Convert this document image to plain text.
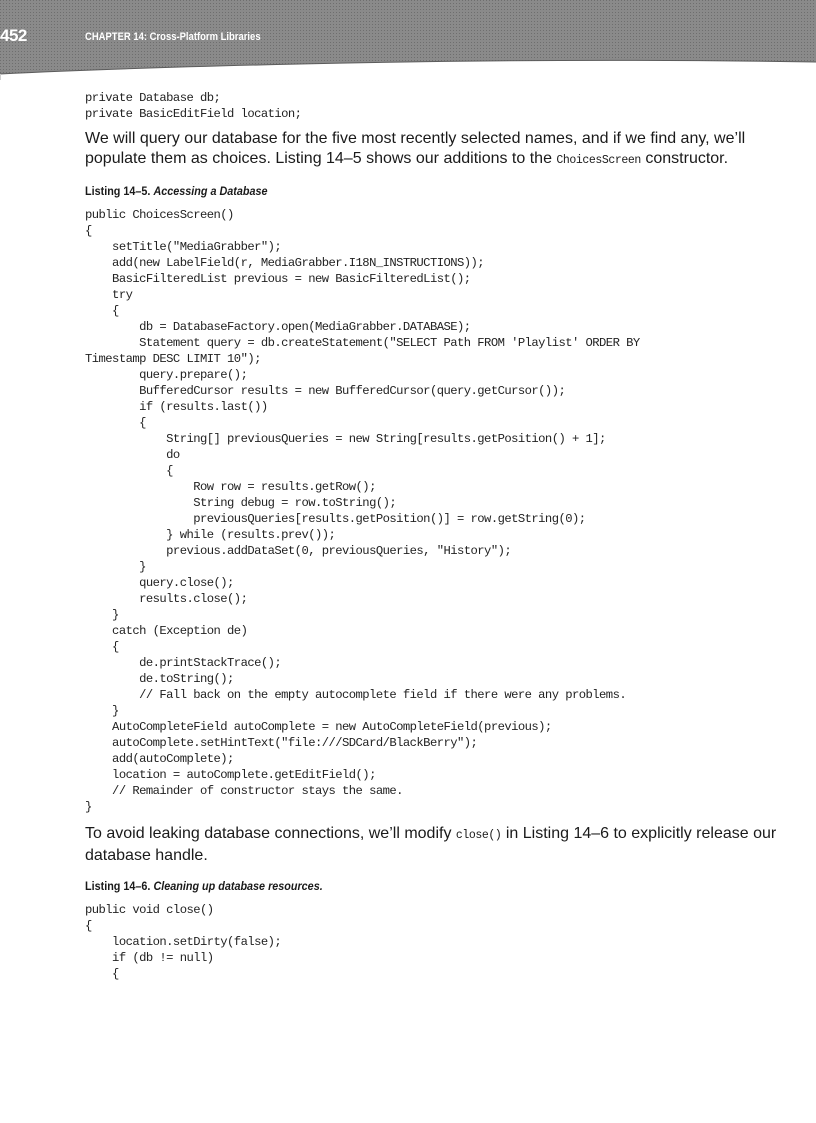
452	CHAPTER 14: Cross-Platform Libraries
private Database db;
private BasicEditField location;

We will query our database for the five most recently selected names, and if we find any, we’ll populate them as choices. Listing 14–5 shows our additions to the ChoicesScreen constructor.

Listing 14–5. Accessing a Database

public ChoicesScreen()
{
setTitle("MediaGrabber");
add(new LabelField(r, MediaGrabber.I18N_INSTRUCTIONS));
BasicFilteredList previous = new BasicFilteredList();
try
{
db = DatabaseFactory.open(MediaGrabber.DATABASE);
Statement query = db.createStatement("SELECT Path FROM 'Playlist' ORDER BY
Timestamp DESC LIMIT 10");
query.prepare();
BufferedCursor results = new BufferedCursor(query.getCursor());
if (results.last())
{
String[] previousQueries = new String[results.getPosition() + 1];
do
{
Row row = results.getRow();
String debug = row.toString();
previousQueries[results.getPosition()] = row.getString(0);
} while (results.prev());
previous.addDataSet(0, previousQueries, "History");
}
query.close();
results.close();
}
catch (Exception de)
{
de.printStackTrace();
de.toString();
// Fall back on the empty autocomplete field if there were any problems.
}
AutoCompleteField autoComplete = new AutoCompleteField(previous);
autoComplete.setHintText("file:///SDCard/BlackBerry");
add(autoComplete);
location = autoComplete.getEditField();
// Remainder of constructor stays the same.
}

To avoid leaking database connections, we’ll modify close() in Listing 14–6 to explicitly release our database handle.

Listing 14–6. Cleaning up database resources.

public void close()
{
location.setDirty(false);
if (db != null)
{
